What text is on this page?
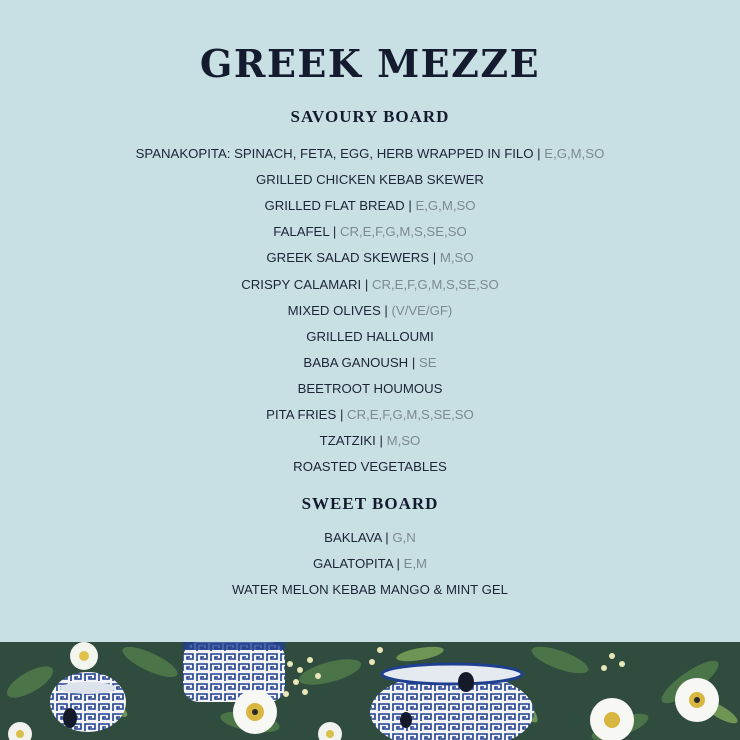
GREEK MEZZE
SAVOURY BOARD
SPANAKOPITA: SPINACH, FETA, EGG, HERB WRAPPED IN FILO | E,G,M,SO
GRILLED CHICKEN KEBAB SKEWER
GRILLED FLAT BREAD | E,G,M,SO
FALAFEL | CR,E,F,G,M,S,SE,SO
GREEK SALAD SKEWERS | M,SO
CRISPY CALAMARI | CR,E,F,G,M,S,SE,SO
MIXED OLIVES | (V/VE/GF)
GRILLED HALLOUMI
BABA GANOUSH | SE
BEETROOT HOUMOUS
PITA FRIES | CR,E,F,G,M,S,SE,SO
TZATZIKI | M,SO
ROASTED VEGETABLES
SWEET BOARD
BAKLAVA | G,N
GALATOPITA | E,M
WATER MELON KEBAB MANGO & MINT GEL
